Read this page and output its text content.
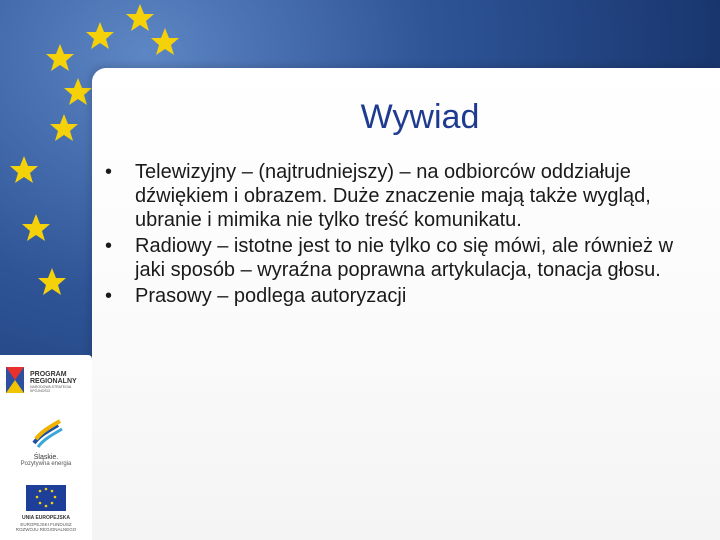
Wywiad
•	Telewizyjny – (najtrudniejszy) – na odbiorców oddziałuje dźwiękiem i obrazem. Duże znaczenie mają także wygląd, ubranie i mimika nie tylko treść komunikatu.
•	Radiowy – istotne jest to nie tylko co się mówi, ale również w jaki sposób – wyraźna poprawna artykulacja, tonacja głosu.
•	Prasowy – podlega autoryzacji
PROGRAM
REGIONALNY
NARODOWA STRATEGIA SPÓJNOŚCI
Śląskie.
Pozytywna energia
UNIA EUROPEJSKA
EUROPEJSKI FUNDUSZ
ROZWOJU REGIONALNEGO
